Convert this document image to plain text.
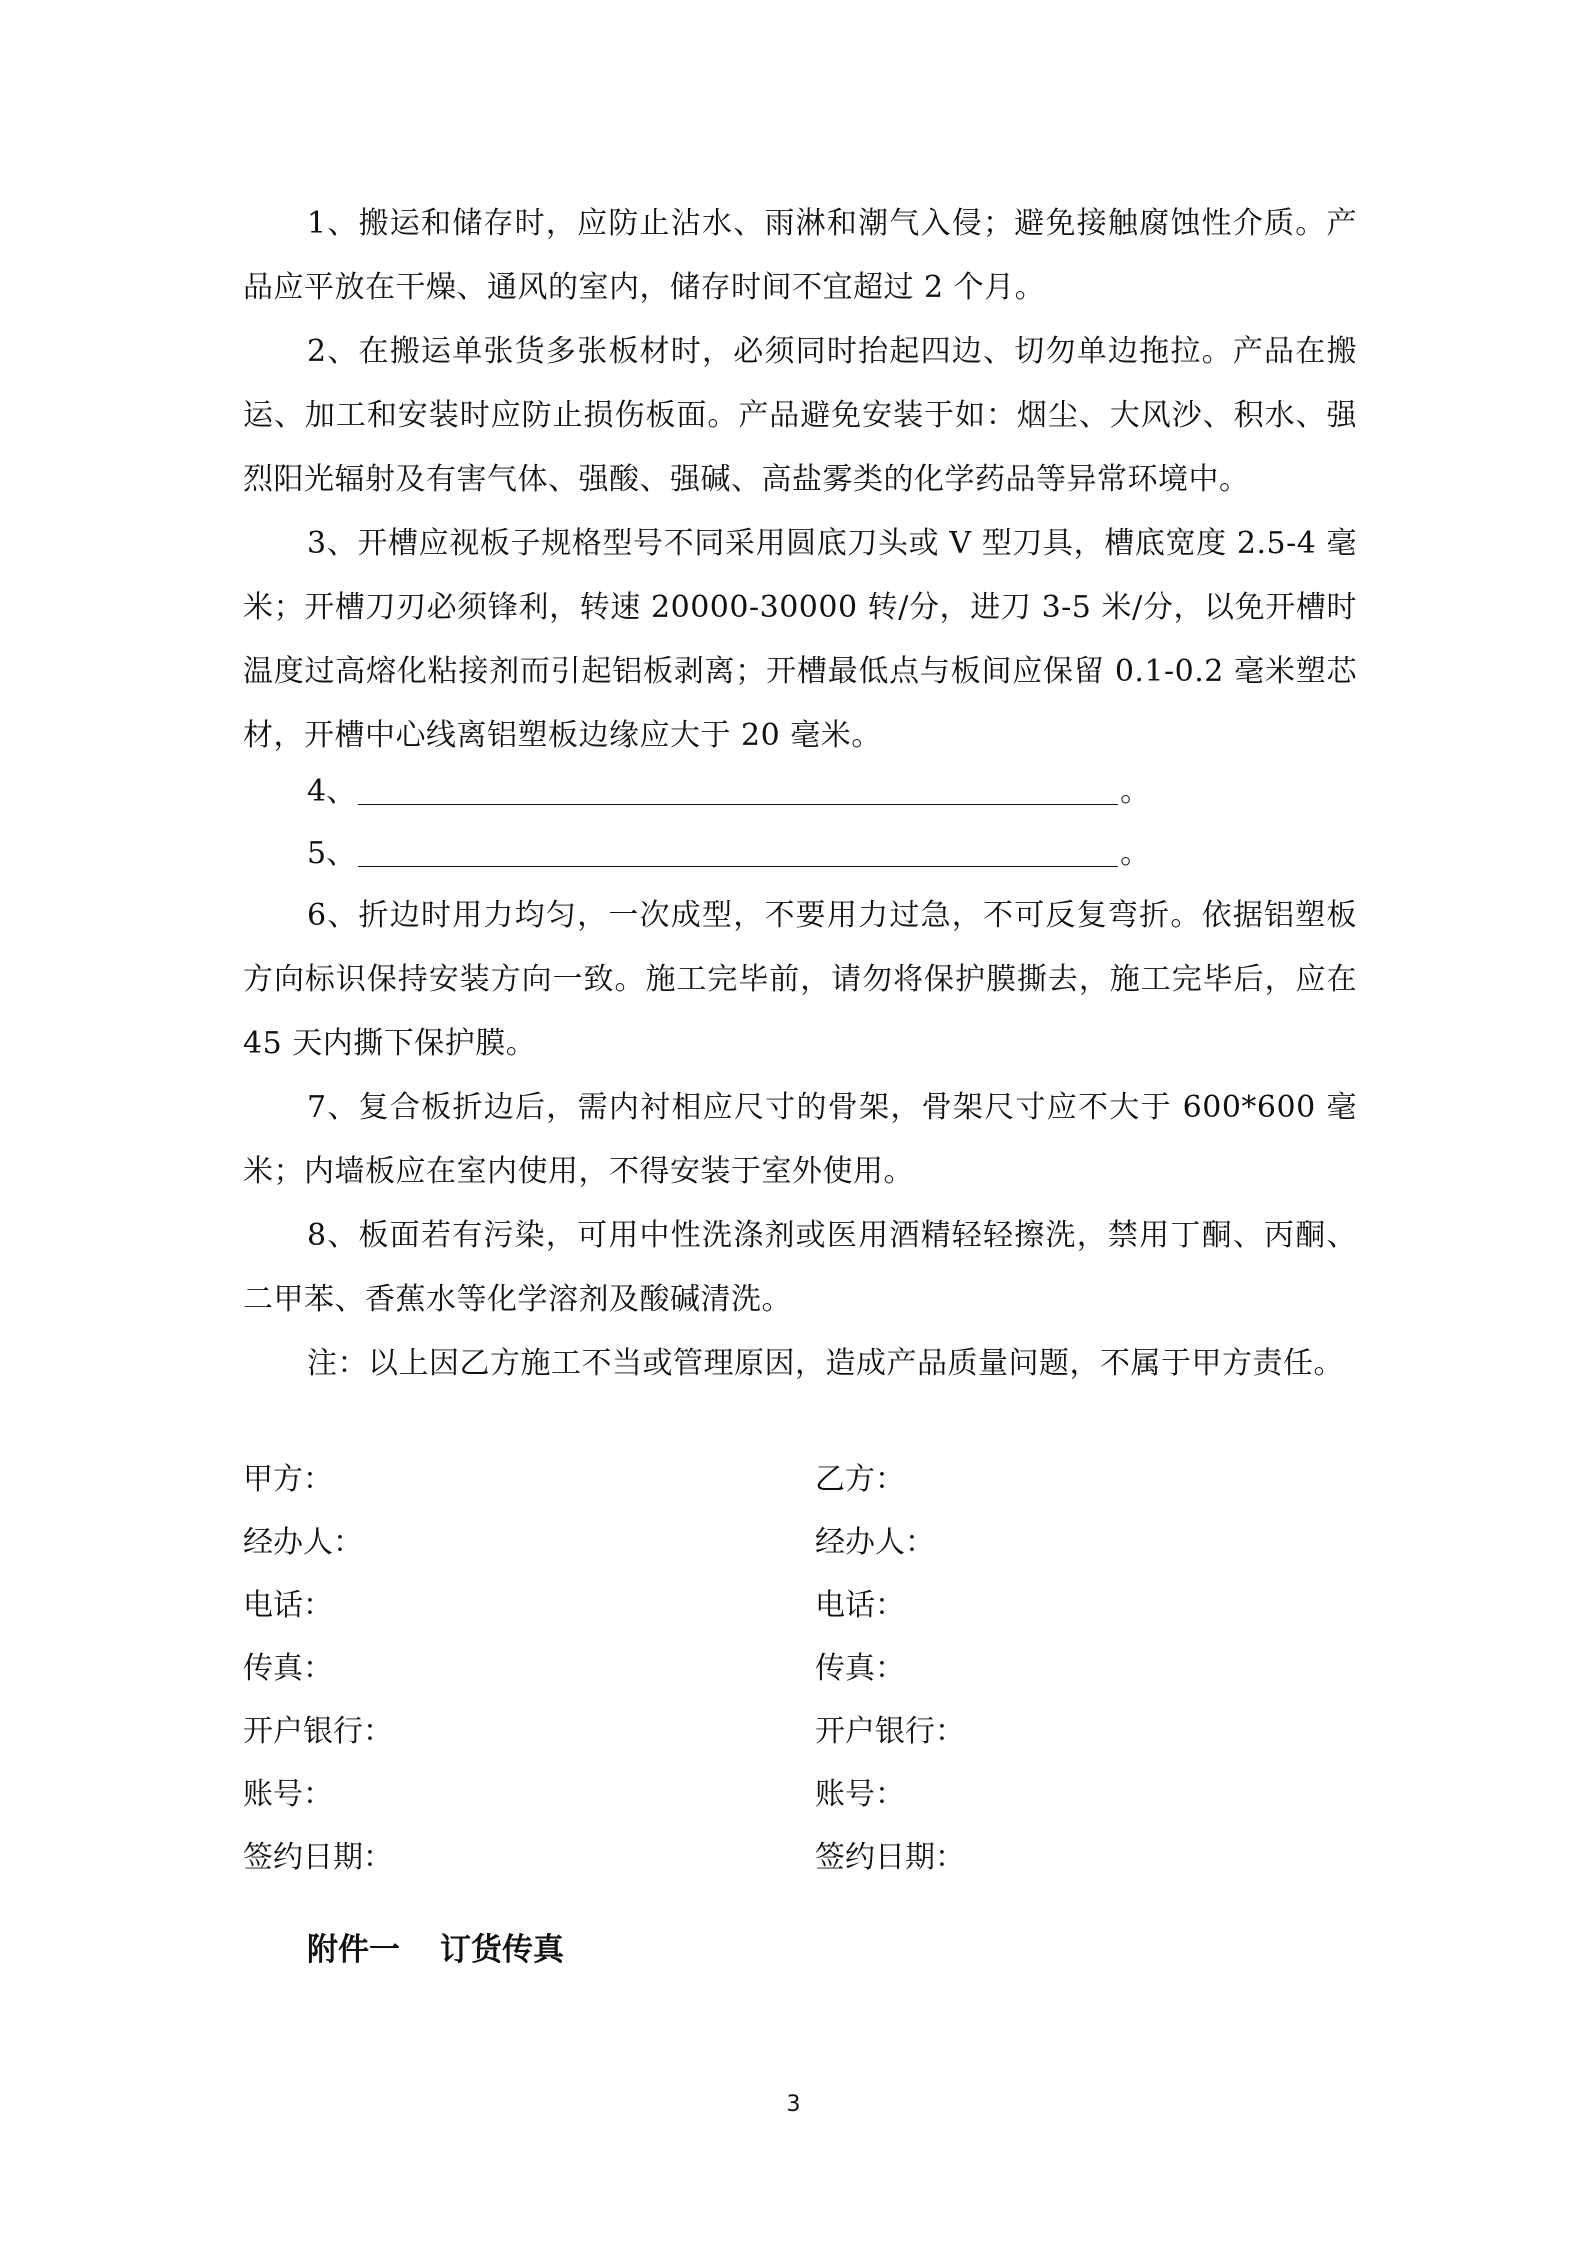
1、搬运和储存时，应防止沾水、雨淋和潮气入侵；避免接触腐蚀性介质。产品应平放在干燥、通风的室内，储存时间不宜超过 2 个月。

2、在搬运单张货多张板材时，必须同时抬起四边、切勿单边拖拉。产品在搬运、加工和安装时应防止损伤板面。产品避免安装于如：烟尘、大风沙、积水、强烈阳光辐射及有害气体、强酸、强碱、高盐雾类的化学药品等异常环境中。

3、开槽应视板子规格型号不同采用圆底刀头或 V 型刀具，槽底宽度 2.5-4 毫米；开槽刀刃必须锋利，转速 20000-30000 转/分，进刀 3-5 米/分，以免开槽时温度过高熔化粘接剂而引起铝板剥离；开槽最低点与板间应保留 0.1-0.2 毫米塑芯材，开槽中心线离铝塑板边缘应大于 20 毫米。

4、	。
5、	。

6、折边时用力均匀，一次成型，不要用力过急，不可反复弯折。依据铝塑板方向标识保持安装方向一致。施工完毕前，请勿将保护膜撕去，施工完毕后，应在 45 天内撕下保护膜。

7、复合板折边后，需内衬相应尺寸的骨架，骨架尺寸应不大于 600*600 毫米；内墙板应在室内使用，不得安装于室外使用。

8、板面若有污染，可用中性洗涤剂或医用酒精轻轻擦洗，禁用丁酮、丙酮、二甲苯、香蕉水等化学溶剂及酸碱清洗。

注：以上因乙方施工不当或管理原因，造成产品质量问题，不属于甲方责任。

甲方：
经办人：
电话：
传真：
开户银行：
账号：
签约日期：
乙方：
经办人：
电话：
传真：
开户银行：
账号：
签约日期：
附件一 订货传真
3
